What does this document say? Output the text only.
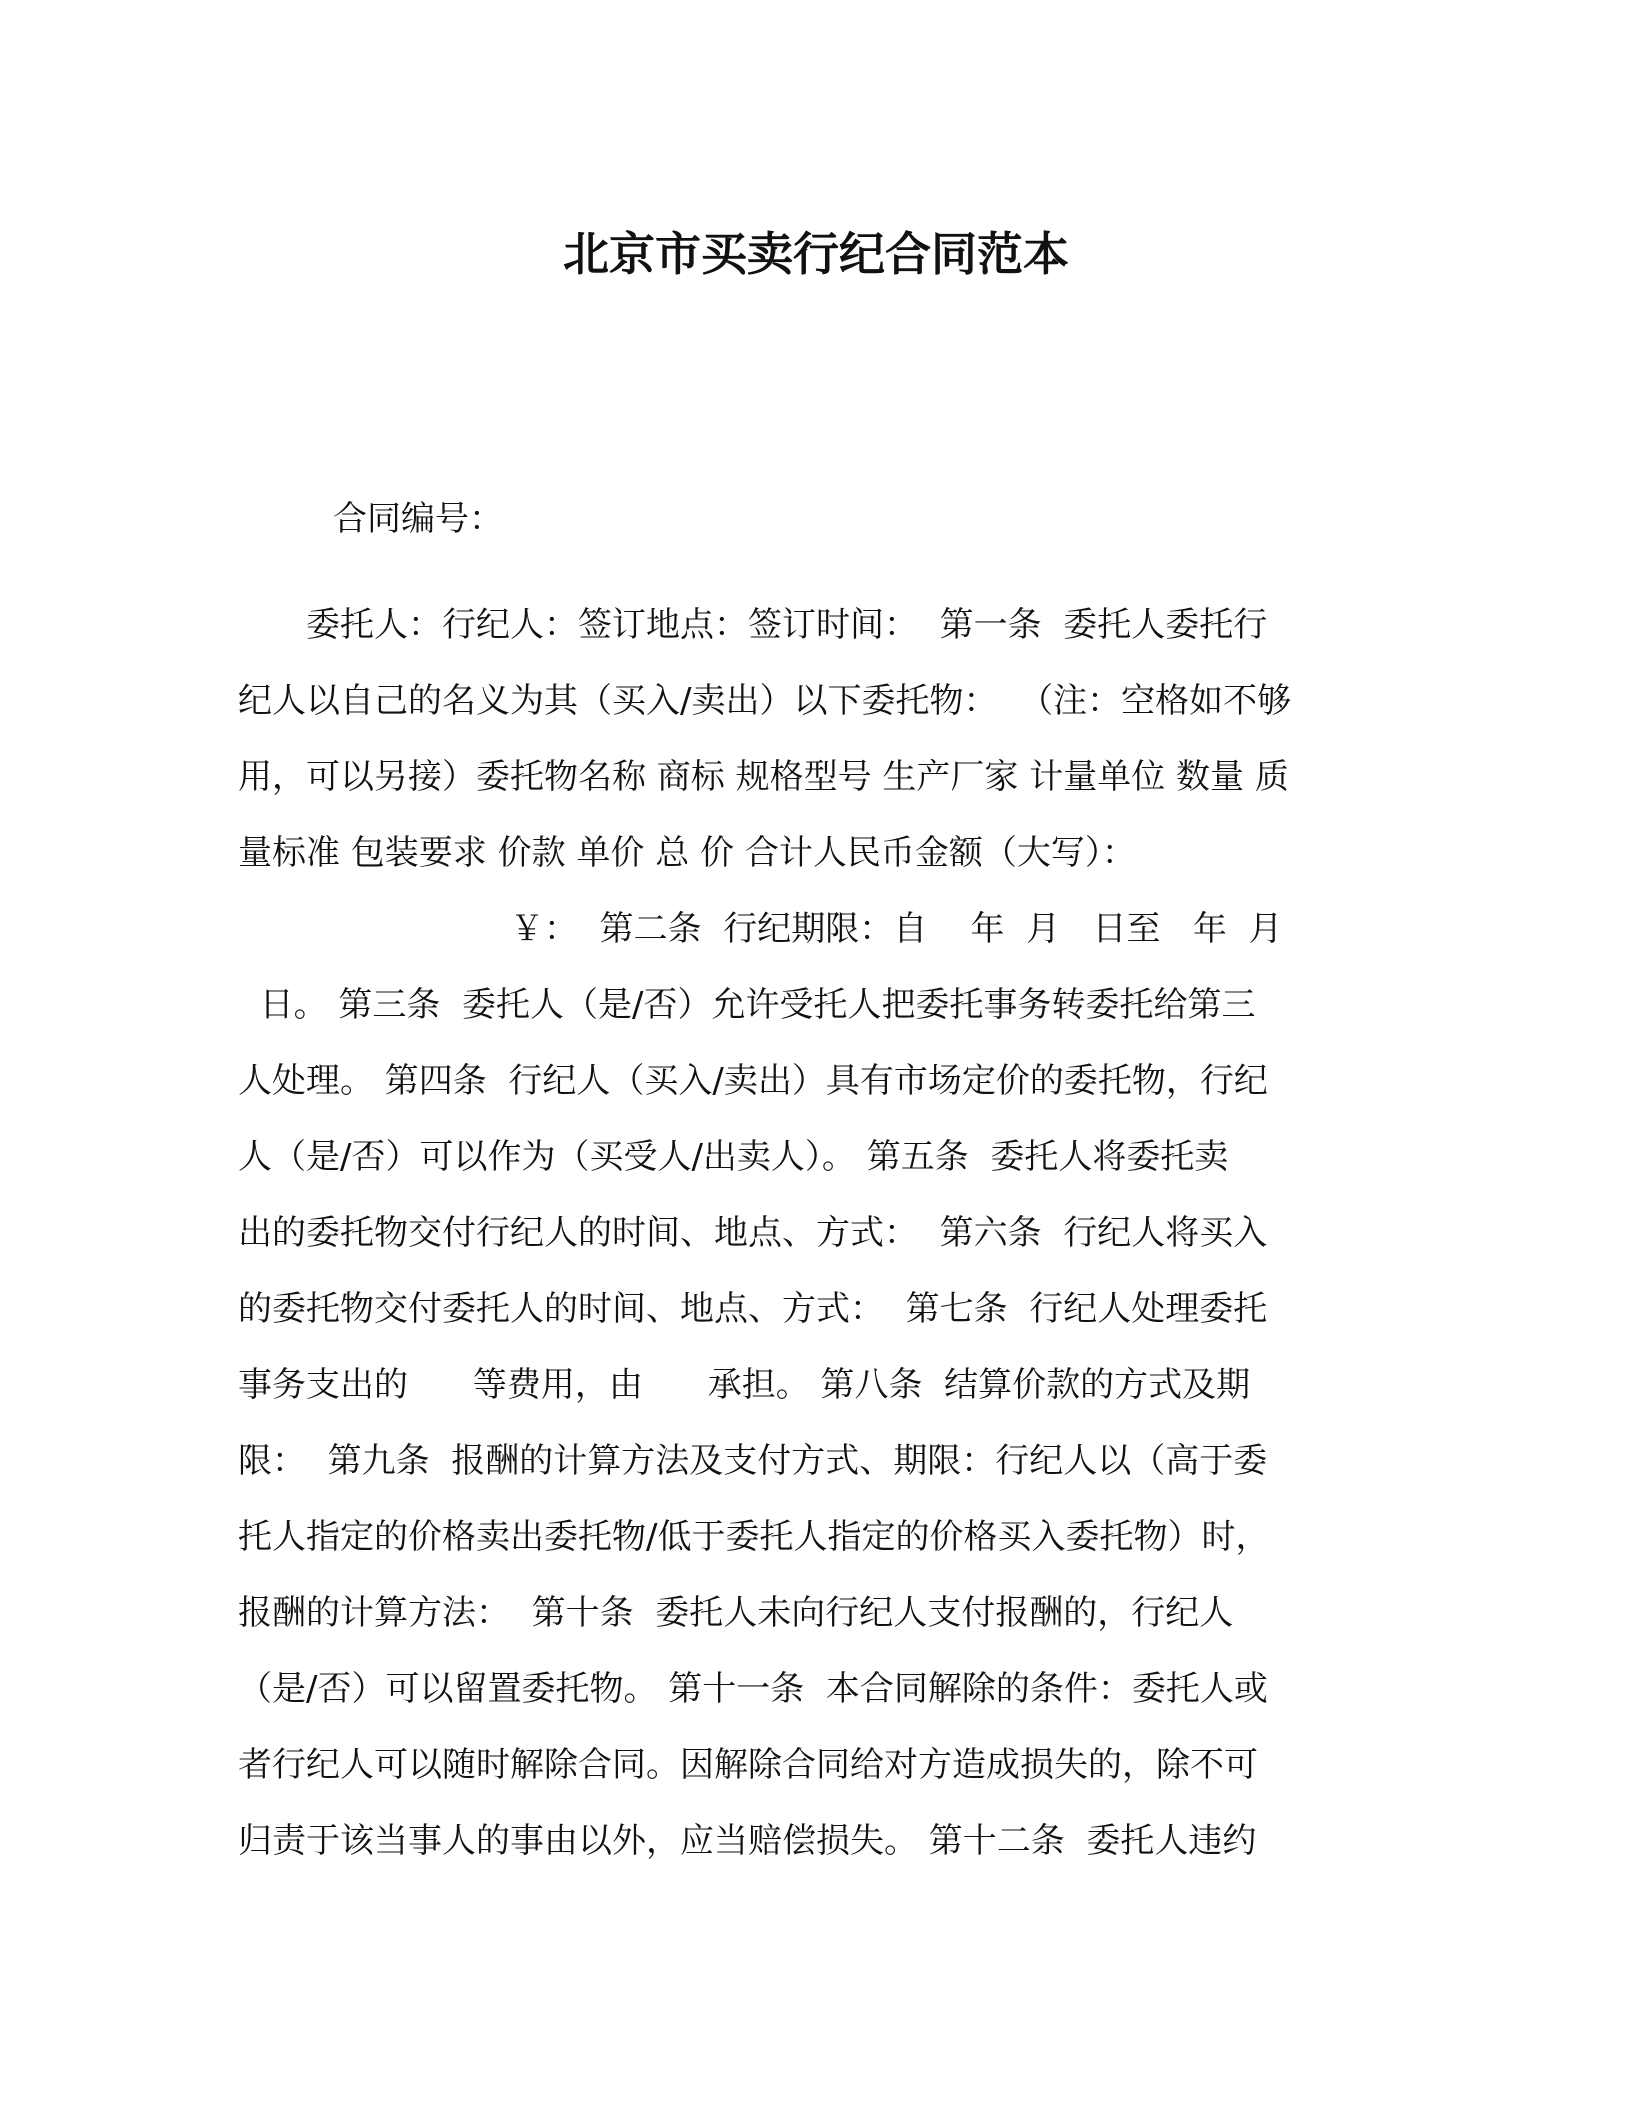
北京市买卖行纪合同范本
合同编号：
　　委托人：行纪人：签订地点：签订时间：  第一条  委托人委托行
纪人以自己的名义为其（买入/卖出）以下委托物：  （注：空格如不够
用，可以另接）委托物名称 商标 规格型号 生产厂家 计量单位 数量 质
量标准 包装要求 价款 单价 总 价 合计人民币金额（大写）：
　　　　　　　　￥：  第二条  行纪期限：自    年  月   日至   年  月
日。 第三条  委托人（是/否）允许受托人把委托事务转委托给第三
人处理。 第四条  行纪人（买入/卖出）具有市场定价的委托物，行纪
人（是/否）可以作为（买受人/出卖人）。 第五条  委托人将委托卖
出的委托物交付行纪人的时间、地点、方式：  第六条  行纪人将买入
的委托物交付委托人的时间、地点、方式：  第七条  行纪人处理委托
事务支出的      等费用，由      承担。 第八条  结算价款的方式及期
限：  第九条  报酬的计算方法及支付方式、期限：行纪人以（高于委
托人指定的价格卖出委托物/低于委托人指定的价格买入委托物）时，
报酬的计算方法：  第十条  委托人未向行纪人支付报酬的，行纪人
（是/否）可以留置委托物。 第十一条  本合同解除的条件：委托人或
者行纪人可以随时解除合同。因解除合同给对方造成损失的，除不可
归责于该当事人的事由以外，应当赔偿损失。 第十二条  委托人违约
